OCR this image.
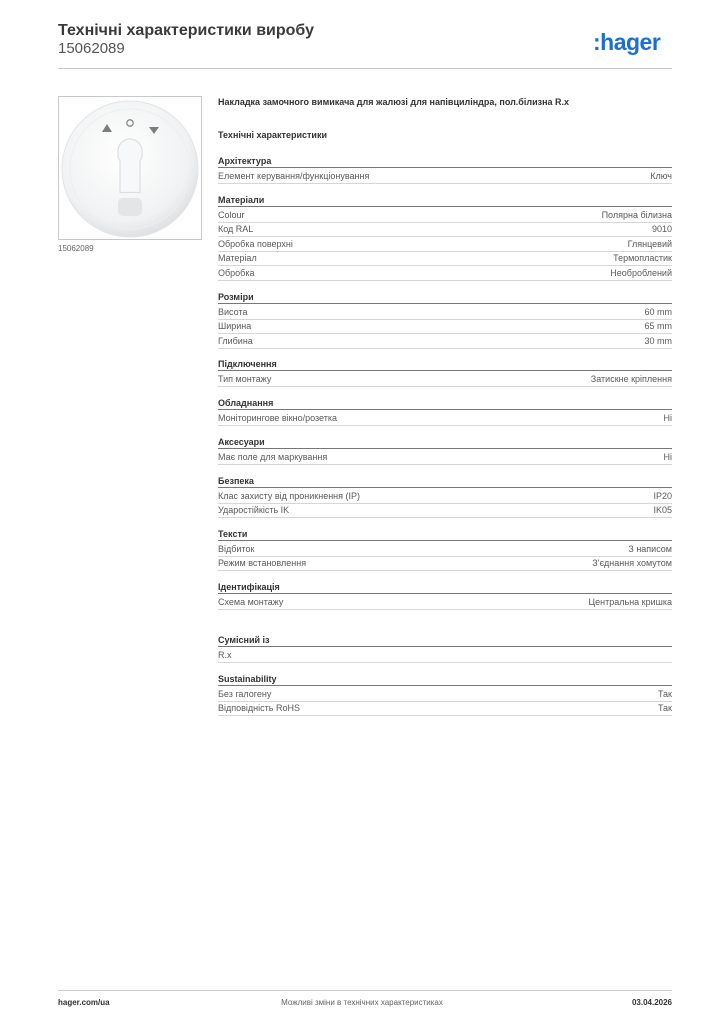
Технічні характеристики виробу
15062089	:hager
15062089
Накладка замочного вимикача для жалюзі для напівциліндра, пол.білизна R.x
Технічні характеристики
Архітектура
Елемент керування/функціонування	Ключ
Матеріали
Colour	Полярна білизна
Код RAL	9010
Обробка поверхні	Глянцевий
Матеріал	Термопластик
Обробка	Необроблений
Розміри
Висота	60 mm
Ширина	65 mm
Глибина	30 mm
Підключення
Тип монтажу	Затискне кріплення
Обладнання
Моніторингове вікно/розетка	Ні
Аксесуари
Має поле для маркування	Ні
Безпека
Клас захисту від проникнення (IP)	IP20
Ударостійкість IK	IK05
Тексти
Відбиток	З написом
Режим встановлення	З'єднання хомутом
Ідентифікація
Схема монтажу	Центральна кришка
Сумісний із
R.x
Sustainability
Без галогену	Так
Відповідність RoHS	Так
hager.com/ua	Можливі зміни в технічних характеристиках	03.04.2026
